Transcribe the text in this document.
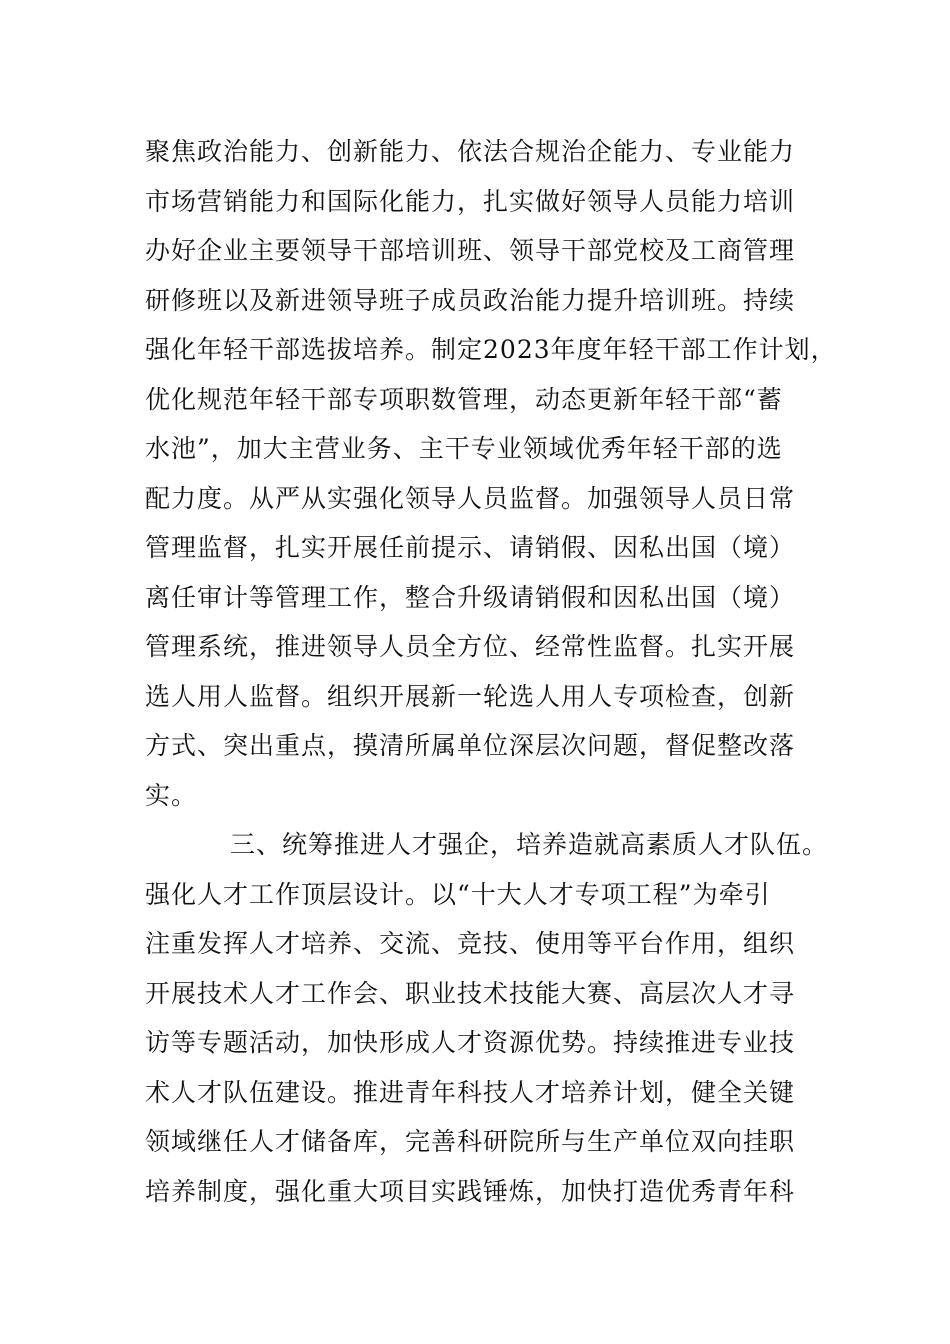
聚焦政治能力、创新能力、依法合规治企能力、专业能力
市场营销能力和国际化能力，扎实做好领导人员能力培训
办好企业主要领导干部培训班、领导干部党校及工商管理
研修班以及新进领导班子成员政治能力提升培训班。持续
强化年轻干部选拔培养。制定2023年度年轻干部工作计划，
优化规范年轻干部专项职数管理，动态更新年轻干部“蓄
水池”，加大主营业务、主干专业领域优秀年轻干部的选
配力度。从严从实强化领导人员监督。加强领导人员日常
管理监督，扎实开展任前提示、请销假、因私出国（境）
离任审计等管理工作，整合升级请销假和因私出国（境）
管理系统，推进领导人员全方位、经常性监督。扎实开展
选人用人监督。组织开展新一轮选人用人专项检查，创新
方式、突出重点，摸清所属单位深层次问题，督促整改落
实。
三、统筹推进人才强企，培养造就高素质人才队伍。
强化人才工作顶层设计。以“十大人才专项工程”为牵引
注重发挥人才培养、交流、竞技、使用等平台作用，组织
开展技术人才工作会、职业技术技能大赛、高层次人才寻
访等专题活动，加快形成人才资源优势。持续推进专业技
术人才队伍建设。推进青年科技人才培养计划，健全关键
领域继任人才储备库，完善科研院所与生产单位双向挂职
培养制度，强化重大项目实践锤炼，加快打造优秀青年科
